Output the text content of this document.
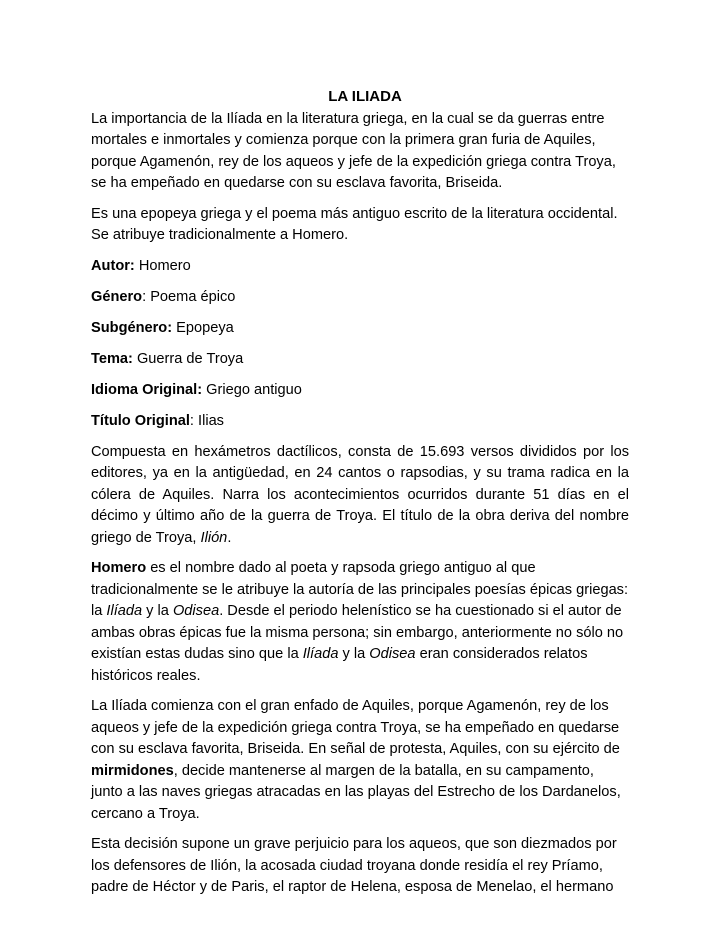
LA ILIADA

La importancia de la Ilíada en la literatura griega, en la cual se da guerras entre mortales e inmortales y comienza porque con la primera gran furia de Aquiles, porque Agamenón, rey de los aqueos y jefe de la expedición griega contra Troya, se ha empeñado en quedarse con su esclava favorita, Briseida.

Es una epopeya griega y el poema más antiguo escrito de la literatura occidental. Se atribuye tradicionalmente a Homero.

Autor: Homero
Género: Poema épico
Subgénero: Epopeya
Tema: Guerra de Troya
Idioma Original: Griego antiguo
Título Original: Ilias

Compuesta en hexámetros dactílicos, consta de 15.693 versos divididos por los editores, ya en la antigüedad, en 24 cantos o rapsodias, y su trama radica en la cólera de Aquiles. Narra los acontecimientos ocurridos durante 51 días en el décimo y último año de la guerra de Troya. El título de la obra deriva del nombre griego de Troya, Ilión.

Homero es el nombre dado al poeta y rapsoda griego antiguo al que tradicionalmente se le atribuye la autoría de las principales poesías épicas griegas: la Ilíada y la Odisea. Desde el periodo helenístico se ha cuestionado si el autor de ambas obras épicas fue la misma persona; sin embargo, anteriormente no sólo no existían estas dudas sino que la Ilíada y la Odisea eran considerados relatos históricos reales.

La Ilíada comienza con el gran enfado de Aquiles, porque Agamenón, rey de los aqueos y jefe de la expedición griega contra Troya, se ha empeñado en quedarse con su esclava favorita, Briseida. En señal de protesta, Aquiles, con su ejército de mirmidones, decide mantenerse al margen de la batalla, en su campamento, junto a las naves griegas atracadas en las playas del Estrecho de los Dardanelos, cercano a Troya.

Esta decisión supone un grave perjuicio para los aqueos, que son diezmados por los defensores de Ilión, la acosada ciudad troyana donde residía el rey Príamo, padre de Héctor y de Paris, el raptor de Helena, esposa de Menelao, el hermano
